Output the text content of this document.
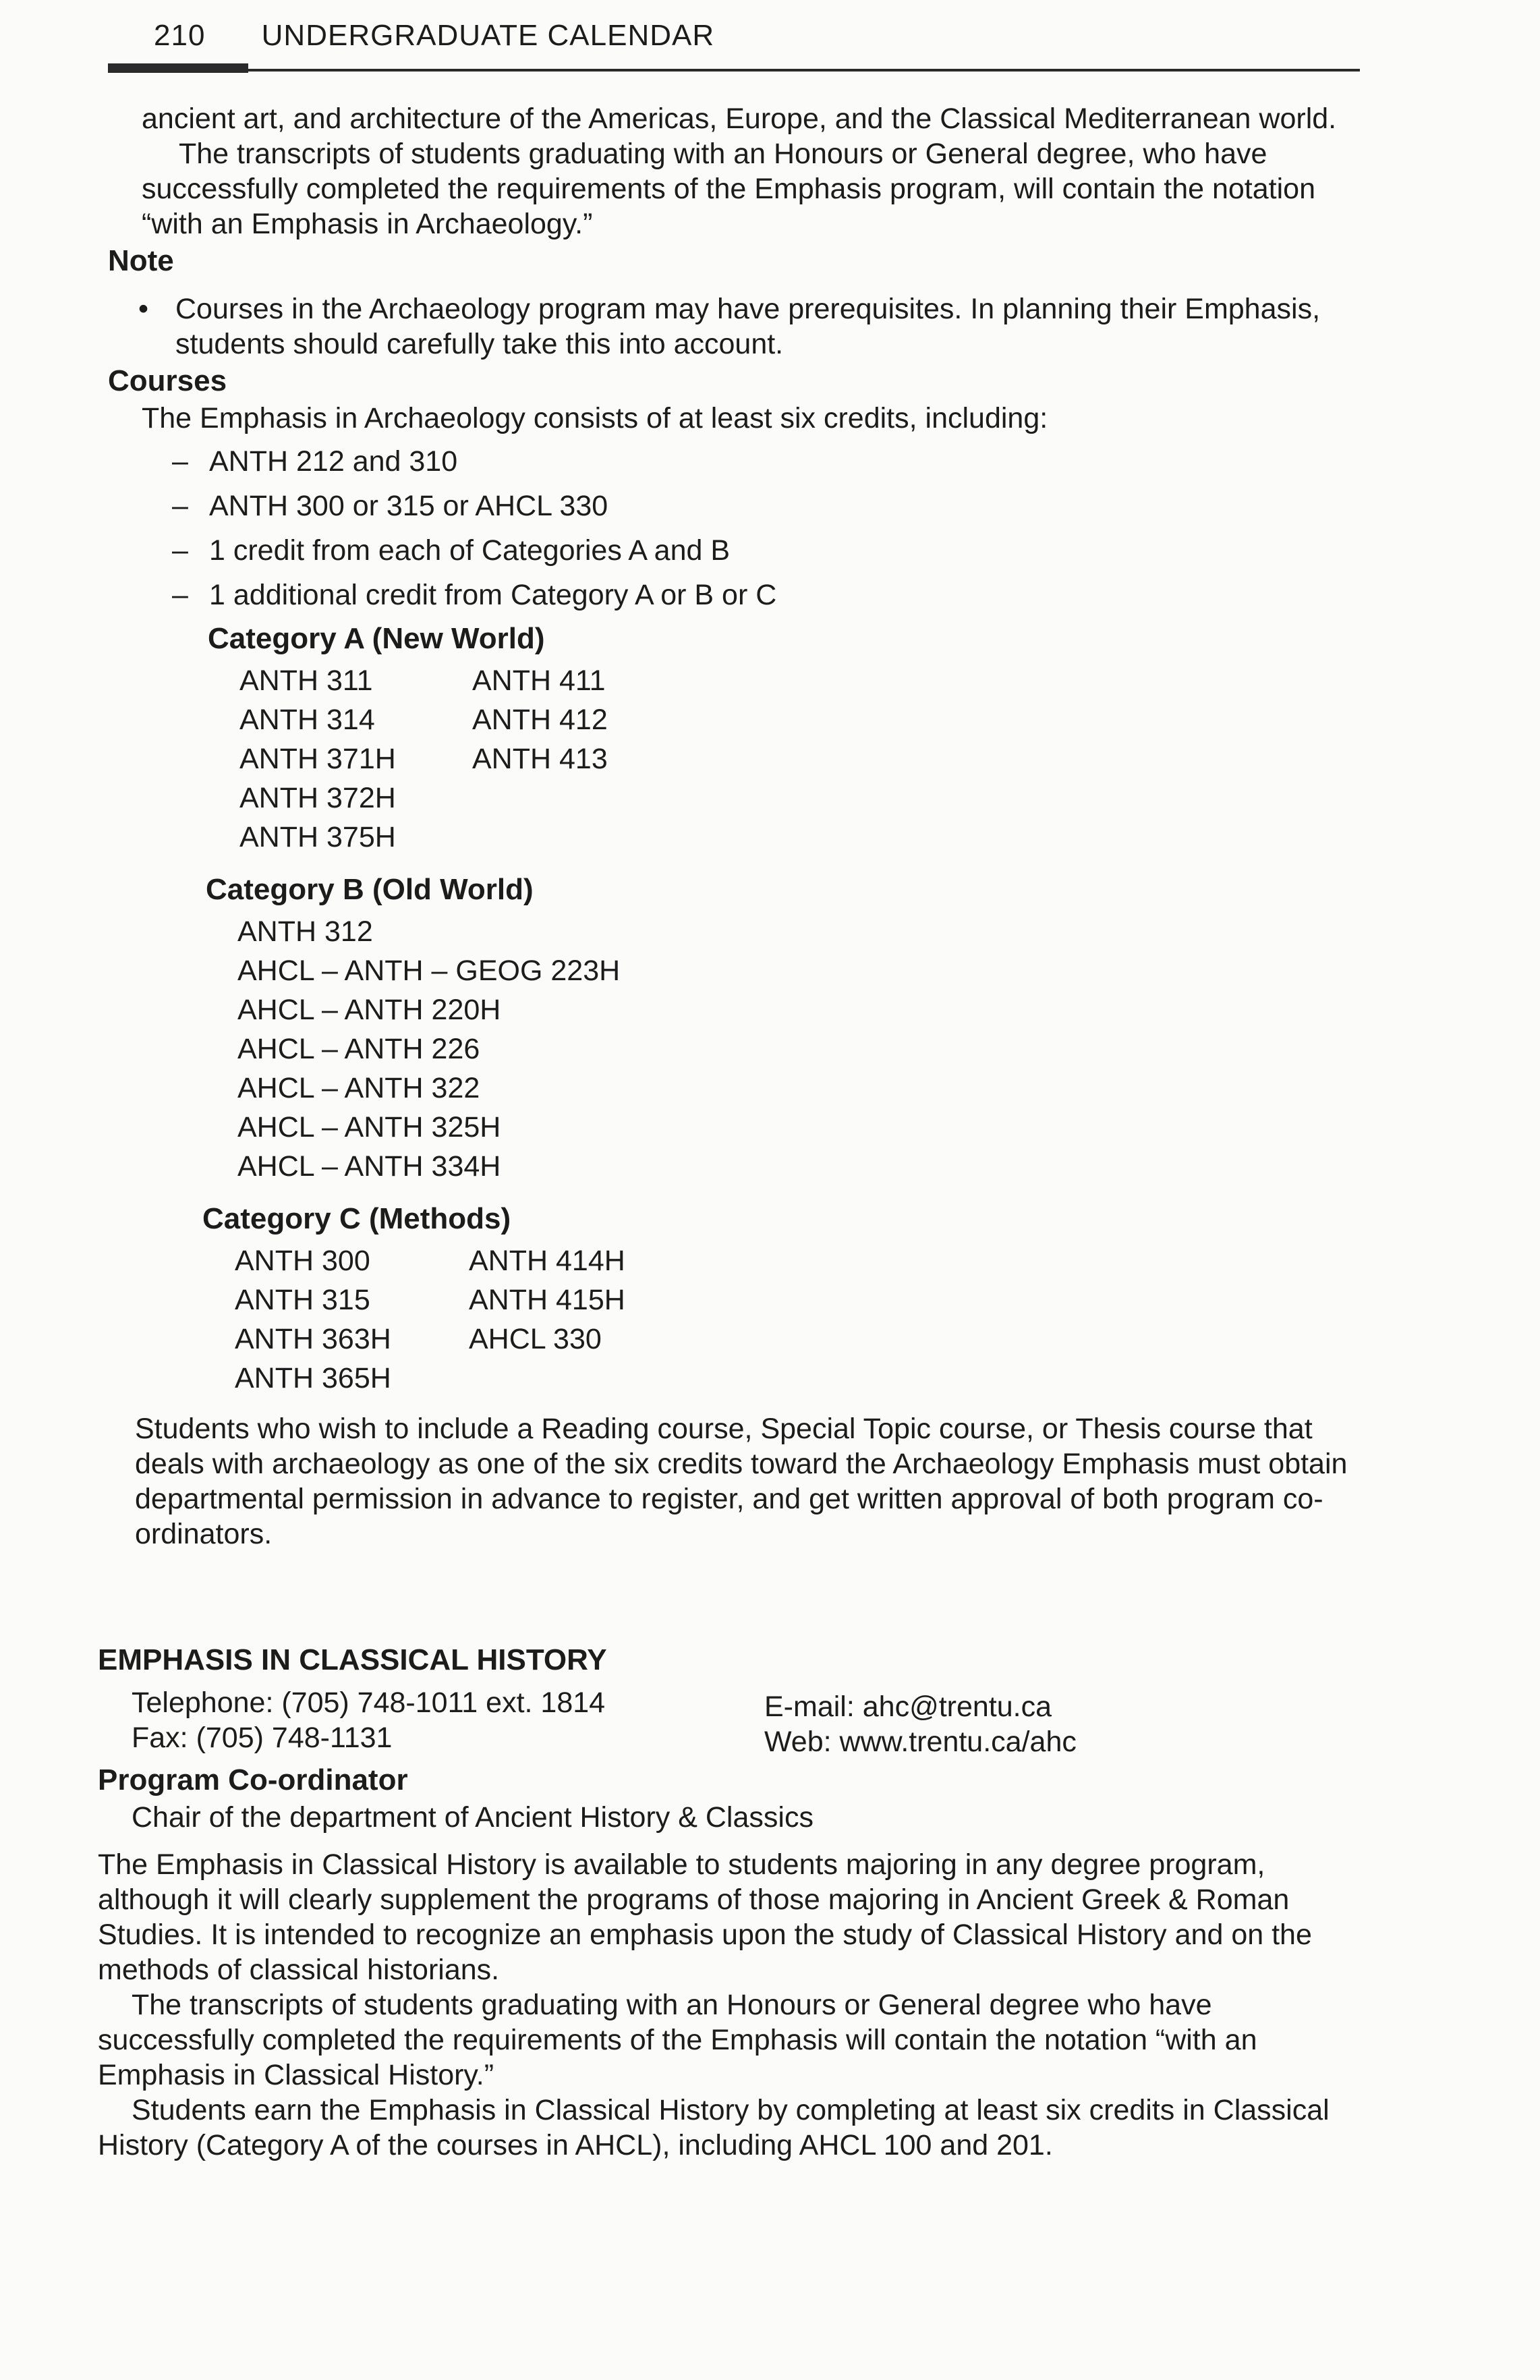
210 UNDERGRADUATE CALENDAR
ancient art, and architecture of the Americas, Europe, and the Classical Mediterranean world.
The transcripts of students graduating with an Honours or General degree, who have successfully completed the requirements of the Emphasis program, will contain the notation “with an Emphasis in Archaeology.”
Note
• Courses in the Archaeology program may have prerequisites. In planning their Emphasis, students should carefully take this into account.
Courses
The Emphasis in Archaeology consists of at least six credits, including:
– ANTH 212 and 310
– ANTH 300 or 315 or AHCL 330
– 1 credit from each of Categories A and B
– 1 additional credit from Category A or B or C
Category A (New World)
ANTH 311
ANTH 314
ANTH 371H
ANTH 372H
ANTH 375H
ANTH 411
ANTH 412
ANTH 413
Category B (Old World)
ANTH 312
AHCL – ANTH – GEOG 223H
AHCL – ANTH 220H
AHCL – ANTH 226
AHCL – ANTH 322
AHCL – ANTH 325H
AHCL – ANTH 334H
Category C (Methods)
ANTH 300
ANTH 315
ANTH 363H
ANTH 365H
ANTH 414H
ANTH 415H
AHCL 330
Students who wish to include a Reading course, Special Topic course, or Thesis course that deals with archaeology as one of the six credits toward the Archaeology Emphasis must obtain departmental permission in advance to register, and get written approval of both program co-ordinators.
EMPHASIS IN CLASSICAL HISTORY
Telephone: (705) 748-1011 ext. 1814
Fax: (705) 748-1131
E-mail: ahc@trentu.ca
Web: www.trentu.ca/ahc
Program Co-ordinator
Chair of the department of Ancient History & Classics

The Emphasis in Classical History is available to students majoring in any degree program, although it will clearly supplement the programs of those majoring in Ancient Greek & Roman Studies. It is intended to recognize an emphasis upon the study of Classical History and on the methods of classical historians.

The transcripts of students graduating with an Honours or General degree who have successfully completed the requirements of the Emphasis will contain the notation “with an Emphasis in Classical History.”

Students earn the Emphasis in Classical History by completing at least six credits in Classical History (Category A of the courses in AHCL), including AHCL 100 and 201.
